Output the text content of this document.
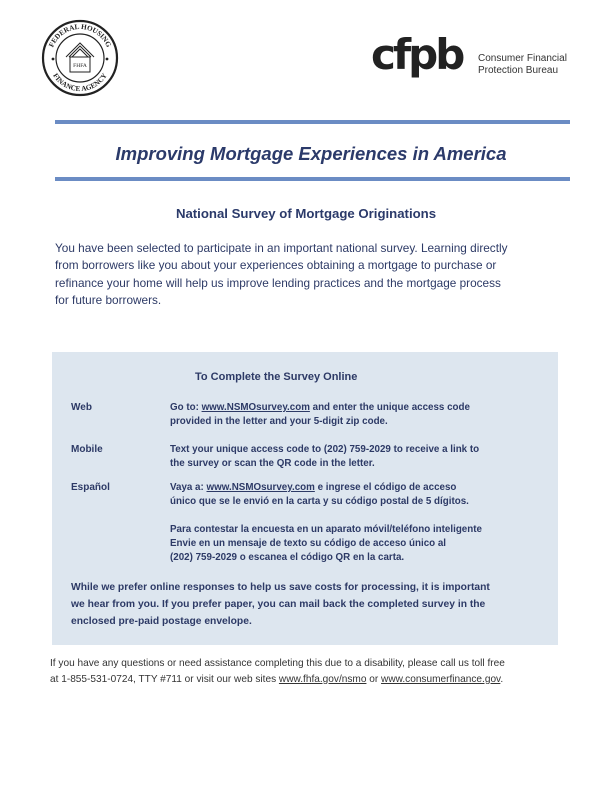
FEDERAL HOUSING
FINANCE AGENCY
FHFA	cfpb Consumer Financial
Protection Bureau
Improving Mortgage Experiences in America
National Survey of Mortgage Originations
You have been selected to participate in an important national survey. Learning directly
from borrowers like you about your experiences obtaining a mortgage to purchase or
refinance your home will help us improve lending practices and the mortgage process
for future borrowers.
To Complete the Survey Online
Web	Go to: www.NSMOsurvey.com and enter the unique access code
provided in the letter and your 5-digit zip code.
Mobile	Text your unique access code to (202) 759-2029 to receive a link to
the survey or scan the QR code in the letter.
Español	Vaya a: www.NSMOsurvey.com e ingrese el código de acceso
único que se le envió en la carta y su código postal de 5 dígitos.
Para contestar la encuesta en un aparato móvil/teléfono inteligente
Envie en un mensaje de texto su código de acceso único al
(202) 759-2029 o escanea el código QR en la carta.
While we prefer online responses to help us save costs for processing, it is important
we hear from you. If you prefer paper, you can mail back the completed survey in the
enclosed pre-paid postage envelope.
If you have any questions or need assistance completing this due to a disability, please call us toll free
at 1-855-531-0724, TTY #711 or visit our web sites www.fhfa.gov/nsmo or www.consumerfinance.gov.
